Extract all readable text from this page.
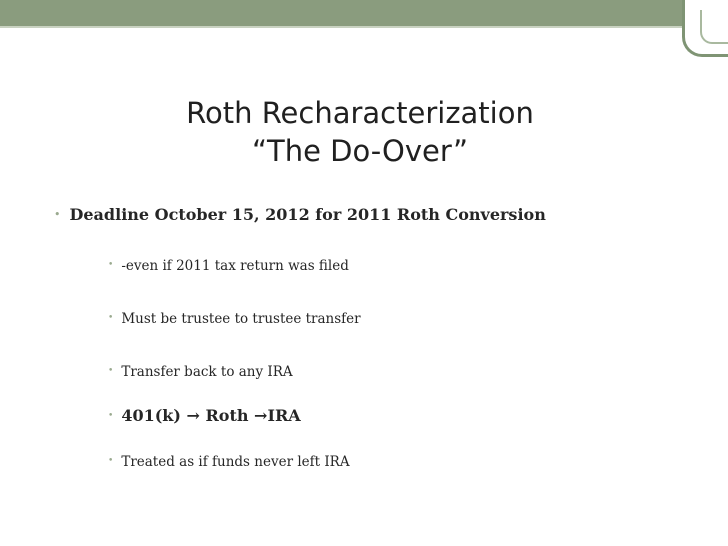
Roth Recharacterization
“The Do-Over”
• Deadline October 15, 2012 for 2011 Roth Conversion
• -even if 2011 tax return was filed
• Must be trustee to trustee transfer
• Transfer back to any IRA
• 401(k) → Roth →IRA
• Treated as if funds never left IRA
